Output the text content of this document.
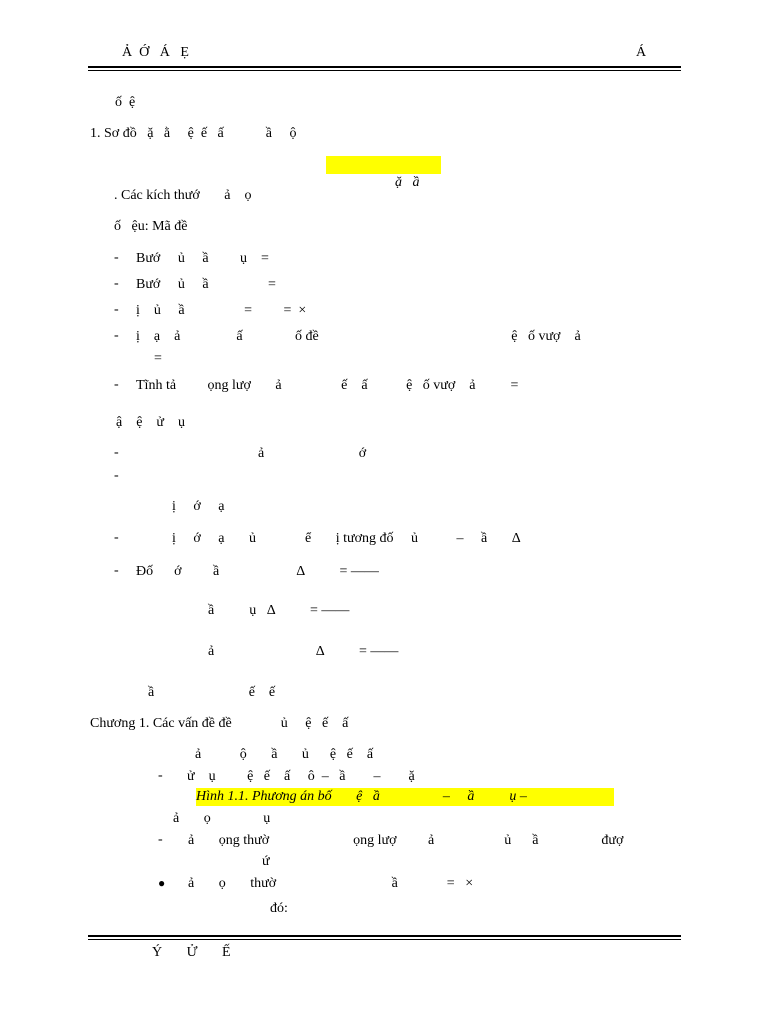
Ả  Ớ   Á   Ẹ	Á
ố  ệ
1. Sơ đồ   ặ   ằ     ệ  ế   ấ            ầ     ộ

ặ   ầ

. Các kích thướ       ả    ọ
ố   ệu: Mã đề
- Bướ     ủ     ầ         ụ    =
- Bướ     ủ     ầ                 =
- ị    ủ     ầ                 =         =  ×
- ị    ạ    ả                ấ               ố đề                                                       ệ   ố vượ    ả
=
- Tĩnh tả         ọng lượ       ả                 ế    ấ           ệ   ố vượ    ả          =
ậ    ệ    ử    ụ
-	ả                           ớ
-
ị     ớ     ạ
-	ị     ớ     ạ       ủ              ể       ị tương đố     ủ           –     ầ       Δ
- Đố      ớ         ầ                      Δ          = ——
ầ          ụ   Δ          = ——
ả                             Δ          = ——
ầ                           ế    ế
Chương 1. Các vấn đề đề              ủ     ệ   ế    ấ
ả           ộ       ầ       ủ      ệ   ế    ấ
- ử    ụ         ệ   ế    ấ     ô  –   ầ        –        ặ
Hình 1.1. Phương án bố       ệ   ầ                  –     ầ          ụ –
ả       ọ               ụ
- ả       ọng thườ                        ọng lượ         ả                    ủ      ầ                  đượ
ứ
● ả       ọ       thườ                                 ầ              =   ×
đó:
Ý       Ử       Ế
